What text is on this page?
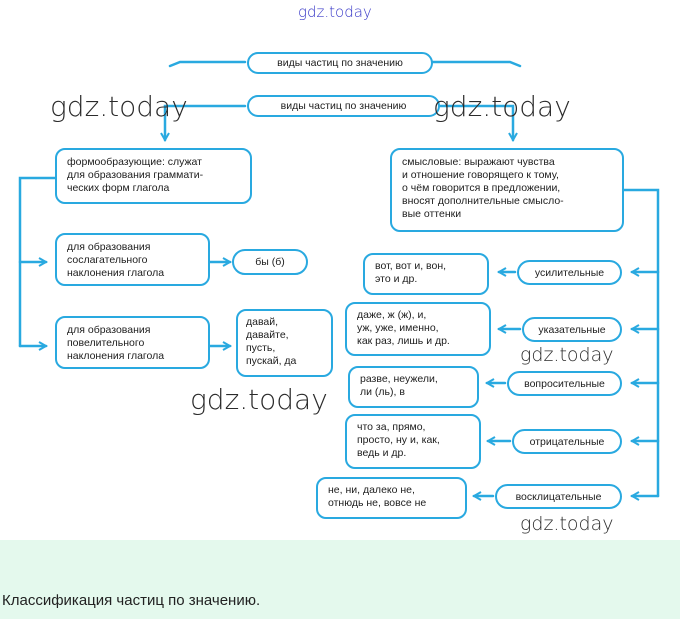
виды частиц по значению
виды частиц по значению
формообразующие: служат
для образования граммати-
ческих форм глагола
смысловые: выражают чувства
и отношение говорящего к тому,
о чём говорится в предложении,
вносят дополнительные смысло-
вые оттенки
для образования
сослагательного
наклонения глагола
бы (б)
для образования
повелительного
наклонения глагола
давай,
давайте,
пусть,
пускай, да
вот, вот и, вон,
это и др.
усилительные
даже, ж (ж), и,
уж, уже, именно,
как раз, лишь и др.
указательные
разве, неужели,
ли (ль), в
вопросительные
что за, прямо,
просто, ну и, как,
ведь и др.
отрицательные
не, ни, далеко не,
отнюдь не, вовсе не
восклицательные
gdz.today
gdz.today	gdz.today
gdz.today
gdz.today
gdz.today
Классификация частиц по значению.
